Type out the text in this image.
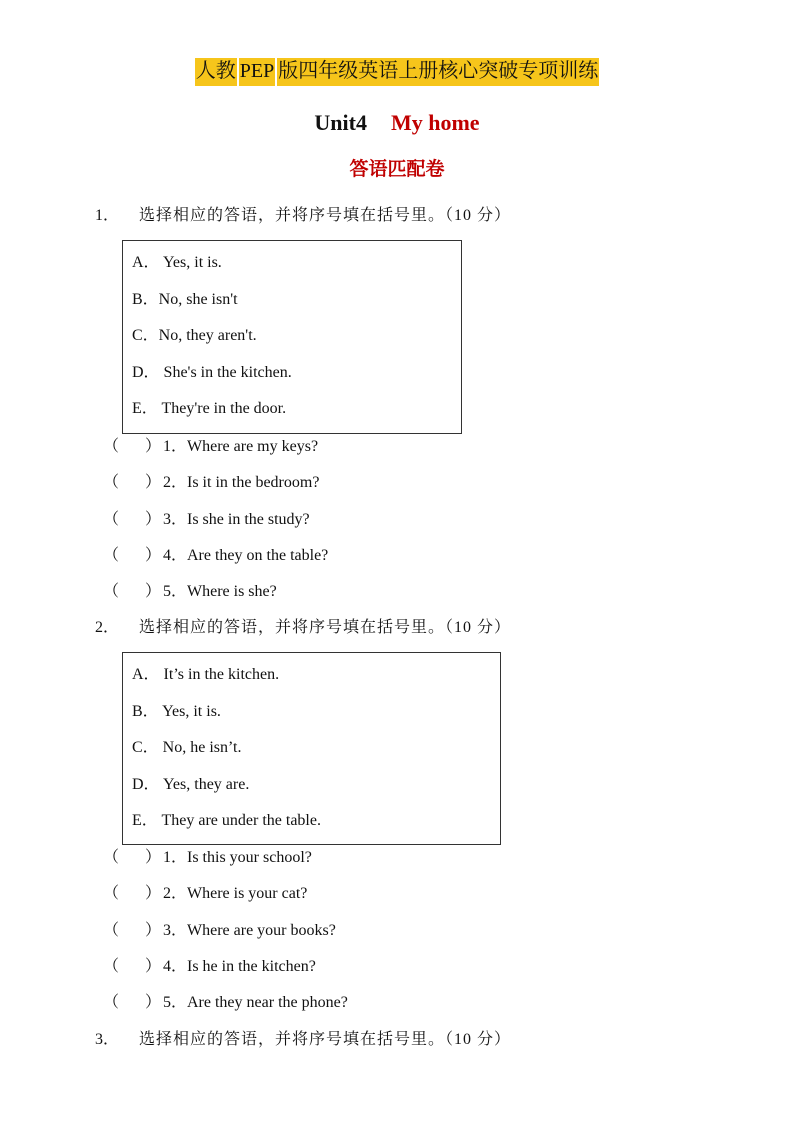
人教 PEP 版四年级英语上册核心突破专项训练
Unit4 My home
答语匹配卷
1． 选择相应的答语，并将序号填在括号里。（10 分）
A． Yes, it is.
B．No, she isn't
C．No, they aren't.
D． She's in the kitchen.
E． They're in the door.
（ ） 1．Where are my keys?
（ ） 2．Is it in the bedroom?
（ ） 3．Is she in the study?
（ ） 4．Are they on the table?
（ ） 5．Where is she?
2． 选择相应的答语，并将序号填在括号里。（10 分）
A． It’s in the kitchen.
B． Yes, it is.
C． No, he isn’t.
D． Yes, they are.
E． They are under the table.
（ ） 1．Is this your school?
（ ） 2．Where is your cat?
（ ） 3．Where are your books?
（ ） 4．Is he in the kitchen?
（ ） 5．Are they near the phone?
3． 选择相应的答语，并将序号填在括号里。（10 分）
